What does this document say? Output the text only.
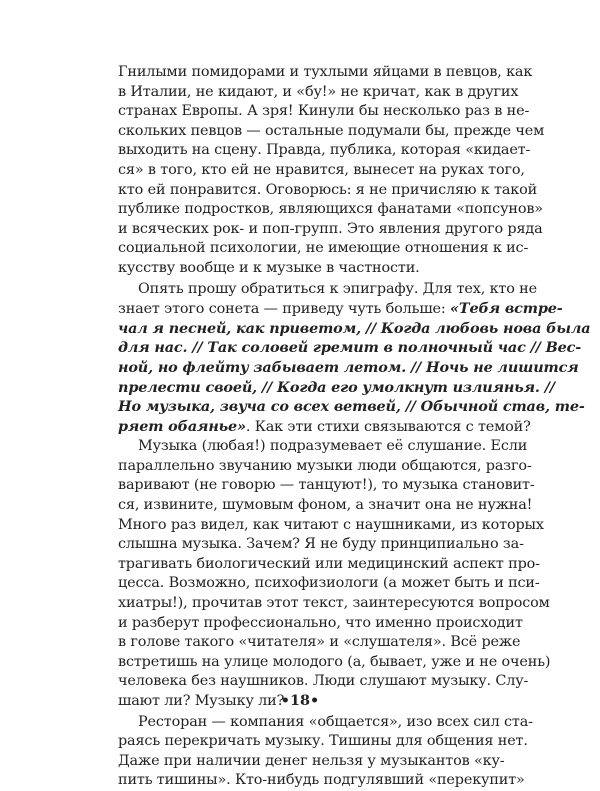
Гнилыми помидорами и тухлыми яйцами в певцов, как
в Италии, не кидают, и «бу!» не кричат, как в других
странах Европы. А зря! Кинули бы несколько раз в не-
скольких певцов — остальные подумали бы, прежде чем
выходить на сцену. Правда, публика, которая «кидает-
ся» в того, кто ей не нравится, вынесет на руках того,
кто ей понравится. Оговорюсь: я не причисляю к такой
публике подростков, являющихся фанатами «попсунов»
и всяческих рок- и поп-групп. Это явления другого ряда
социальной психологии, не имеющие отношения к ис-
кусству вообще и к музыке в частности.
Опять прошу обратиться к эпиграфу. Для тех, кто не
знает этого сонета — приведу чуть больше: «Тебя встре-
чал я песней, как приветом, // Когда любовь нова была
для нас. // Так соловей гремит в полночный час // Вес-
ной, но флейту забывает летом. // Ночь не лишится
прелести своей, // Когда его умолкнут излиянья. //
Но музыка, звуча со всех ветвей, // Обычной став, те-
ряет обаянье». Как эти стихи связываются с темой?
Музыка (любая!) подразумевает её слушание. Если
параллельно звучанию музыки люди общаются, разго-
варивают (не говорю — танцуют!), то музыка становит-
ся, извините, шумовым фоном, а значит она не нужна!
Много раз видел, как читают с наушниками, из которых
слышна музыка. Зачем? Я не буду принципиально за-
трагивать биологический или медицинский аспект про-
цесса. Возможно, психофизиологи (а может быть и пси-
хиатры!), прочитав этот текст, заинтересуются вопросом
и разберут профессионально, что именно происходит
в голове такого «читателя» и «слушателя». Всё реже
встретишь на улице молодого (а, бывает, уже и не очень)
человека без наушников. Люди слушают музыку. Слу-
шают ли? Музыку ли?
Ресторан — компания «общается», изо всех сил ста-
раясь перекричать музыку. Тишины для общения нет.
Даже при наличии денег нельзя у музыкантов «ку-
пить тишины». Кто-нибудь подгулявший «перекупит»
•18•
